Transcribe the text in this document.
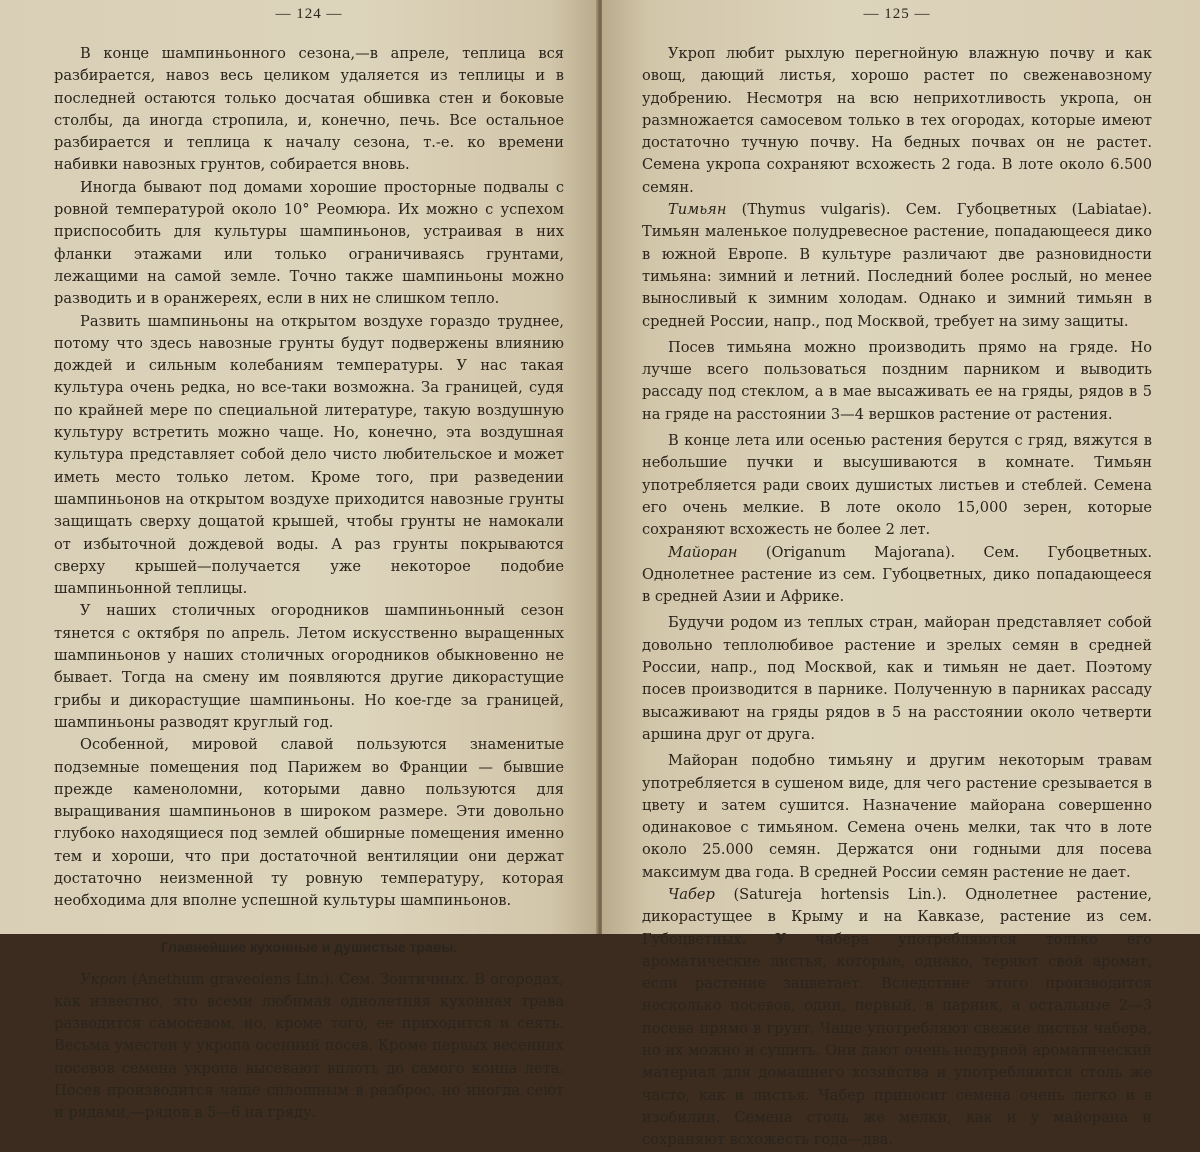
— 124 —

В конце шампиньонного сезона,—в апреле, теплица вся разбирается, навоз весь целиком удаляется из теплицы и в последней остаются только досчатая обшивка стен и боковые столбы, да иногда стропила, и, конечно, печь. Все остальное разбирается и теплица к началу сезона, т.-е. ко времени набивки навозных грунтов, собирается вновь.

Иногда бывают под домами хорошие просторные подвалы с ровной температурой около 10° Реомюра. Их можно с успехом приспособить для культуры шампиньонов, устраивая в них фланки этажами или только ограничиваясь грунтами, лежащими на самой земле. Точно также шампиньоны можно разводить и в оранжереях, если в них не слишком тепло.

Развить шампиньоны на открытом воздухе гораздо труднее, потому что здесь навозные грунты будут подвержены влиянию дождей и сильным колебаниям температуры. У нас такая культура очень редка, но все-таки возможна. За границей, судя по крайней мере по специальной литературе, такую воздушную культуру встретить можно чаще. Но, конечно, эта воздушная культура представляет собой дело чисто любительское и может иметь место только летом. Кроме того, при разведении шампиньонов на открытом воздухе приходится навозные грунты защищать сверху дощатой крышей, чтобы грунты не намокали от избыточной дождевой воды. А раз грунты покрываются сверху крышей—получается уже некоторое подобие шампиньонной теплицы.

У наших столичных огородников шампиньонный сезон тянется с октября по апрель. Летом искусственно выращенных шампиньонов у наших столичных огородников обыкновенно не бывает. Тогда на смену им появляются другие дикорастущие грибы и дикорастущие шампиньоны. Но кое-где за границей, шампиньоны разводят круглый год.

Особенной, мировой славой пользуются знаменитые подземные помещения под Парижем во Франции — бывшие прежде каменоломни, которыми давно пользуются для выращивания шампиньонов в широком размере. Эти довольно глубоко находящиеся под землей обширные помещения именно тем и хороши, что при достаточной вентиляции они держат достаточно неизменной ту ровную температуру, которая необходима для вполне успешной культуры шампиньонов.

Главнейшие кухонные и душистые травы.

Укроп (Anethum graveolens Lin.). Сем. Зонтичных. В огородах, как известно, это всеми любимая однолетняя кухонная трава разводится самосевом, но, кроме того, ее приходится и сеять. Весьма уместен у укропа осенний посев. Кроме первых весенних посевов семена укропа высевают вплоть до самого конца лета. Посев производится чаще сплошным в разброс, но иногда сеют и рядами,—рядов в 5—6 на гряду.

— 125 —

Укроп любит рыхлую перегнойную влажную почву и как овощ, дающий листья, хорошо растет по свеженавозному удобрению. Несмотря на всю неприхотливость укропа, он размножается самосевом только в тех огородах, которые имеют достаточно тучную почву. На бедных почвах он не растет. Семена укропа сохраняют всхожесть 2 года. В лоте около 6.500 семян.

Тимьян (Thymus vulgaris). Сем. Губоцветных (Labiatae). Тимьян маленькое полудревесное растение, попадающееся дико в южной Европе. В культуре различают две разновидности тимьяна: зимний и летний. Последний более рослый, но менее выносливый к зимним холодам. Однако и зимний тимьян в средней России, напр., под Москвой, требует на зиму защиты.

Посев тимьяна можно производить прямо на гряде. Но лучше всего пользоваться поздним парником и выводить рассаду под стеклом, а в мае высаживать ее на гряды, рядов в 5 на гряде на расстоянии 3—4 вершков растение от растения.

В конце лета или осенью растения берутся с гряд, вяжутся в небольшие пучки и высушиваются в комнате. Тимьян употребляется ради своих душистых листьев и стеблей. Семена его очень мелкие. В лоте около 15,000 зерен, которые сохраняют всхожесть не более 2 лет.

Майоран (Origanum Majorana). Сем. Губоцветных. Однолетнее растение из сем. Губоцветных, дико попадающееся в средней Азии и Африке.

Будучи родом из теплых стран, майоран представляет собой довольно теплолюбивое растение и зрелых семян в средней России, напр., под Москвой, как и тимьян не дает. Поэтому посев производится в парнике. Полученную в парниках рассаду высаживают на гряды рядов в 5 на расстоянии около четверти аршина друг от друга.

Майоран подобно тимьяну и другим некоторым травам употребляется в сушеном виде, для чего растение срезывается в цвету и затем сушится. Назначение майорана совершенно одинаковое с тимьяном. Семена очень мелки, так что в лоте около 25.000 семян. Держатся они годными для посева максимум два года. В средней России семян растение не дает.

Чабер (Satureja hortensis Lin.). Однолетнее растение, дикорастущее в Крыму и на Кавказе, растение из сем. Губоцветных. У чабера употребляются только его ароматические листья, которые, однако, теряют свой аромат, если растение зацветает. Вследствие этого производится несколько посевов, один, первый, в парник, а остальные 2—3 посева прямо в грунт. Чаще употребляют свежие листья чабера, но их можно и сушить. Они дают очень недурной ароматический материал для домашнего хозяйства и употребляются столь же часто, как и листья. Чабер приносит семена очень легко и в изобилии. Семена столь же мелки, как и у майорана и сохраняют всхожесть года—два.
